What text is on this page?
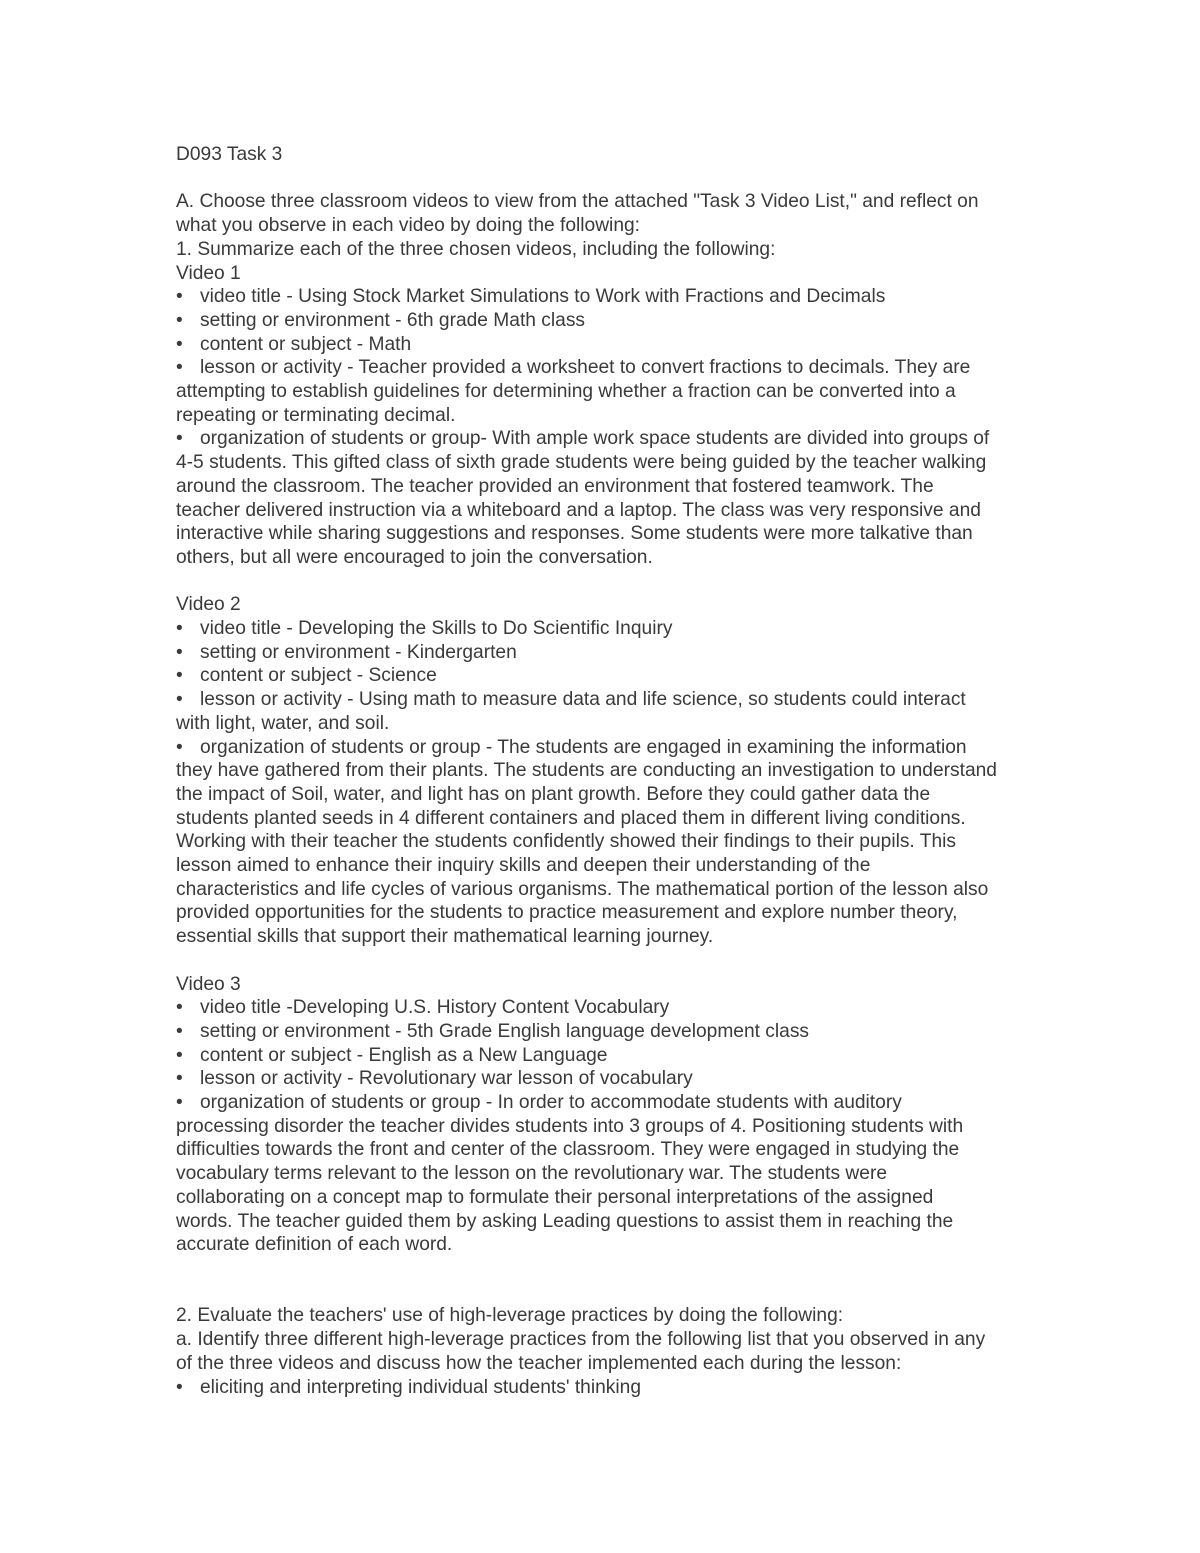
D093 Task 3

A. Choose three classroom videos to view from the attached "Task 3 Video List," and reflect on

what you observe in each video by doing the following:

1. Summarize each of the three chosen videos, including the following:

Video 1

• video title - Using Stock Market Simulations to Work with Fractions and Decimals

• setting or environment - 6th grade Math class

• content or subject - Math

• lesson or activity - Teacher provided a worksheet to convert fractions to decimals. They are

attempting to establish guidelines for determining whether a fraction can be converted into a

repeating or terminating decimal.

• organization of students or group- With ample work space students are divided into groups of

4-5 students. This gifted class of sixth grade students were being guided by the teacher walking

around the classroom. The teacher provided an environment that fostered teamwork. The

teacher delivered instruction via a whiteboard and a laptop. The class was very responsive and

interactive while sharing suggestions and responses. Some students were more talkative than

others, but all were encouraged to join the conversation.

Video 2

• video title - Developing the Skills to Do Scientific Inquiry

• setting or environment - Kindergarten

• content or subject - Science

• lesson or activity - Using math to measure data and life science, so students could interact

with light, water, and soil.

• organization of students or group - The students are engaged in examining the information

they have gathered from their plants. The students are conducting an investigation to understand

the impact of Soil, water, and light has on plant growth. Before they could gather data the

students planted seeds in 4 different containers and placed them in different living conditions.

Working with their teacher the students confidently showed their findings to their pupils. This

lesson aimed to enhance their inquiry skills and deepen their understanding of the

characteristics and life cycles of various organisms. The mathematical portion of the lesson also

provided opportunities for the students to practice measurement and explore number theory,

essential skills that support their mathematical learning journey.

Video 3

• video title -Developing U.S. History Content Vocabulary

• setting or environment - 5th Grade English language development class

• content or subject - English as a New Language

• lesson or activity - Revolutionary war lesson of vocabulary

• organization of students or group - In order to accommodate students with auditory

processing disorder the teacher divides students into 3 groups of 4. Positioning students with

difficulties towards the front and center of the classroom. They were engaged in studying the

vocabulary terms relevant to the lesson on the revolutionary war. The students were

collaborating on a concept map to formulate their personal interpretations of the assigned

words. The teacher guided them by asking Leading questions to assist them in reaching the

accurate definition of each word.

2. Evaluate the teachers' use of high-leverage practices by doing the following:

a. Identify three different high-leverage practices from the following list that you observed in any

of the three videos and discuss how the teacher implemented each during the lesson:

• eliciting and interpreting individual students' thinking
